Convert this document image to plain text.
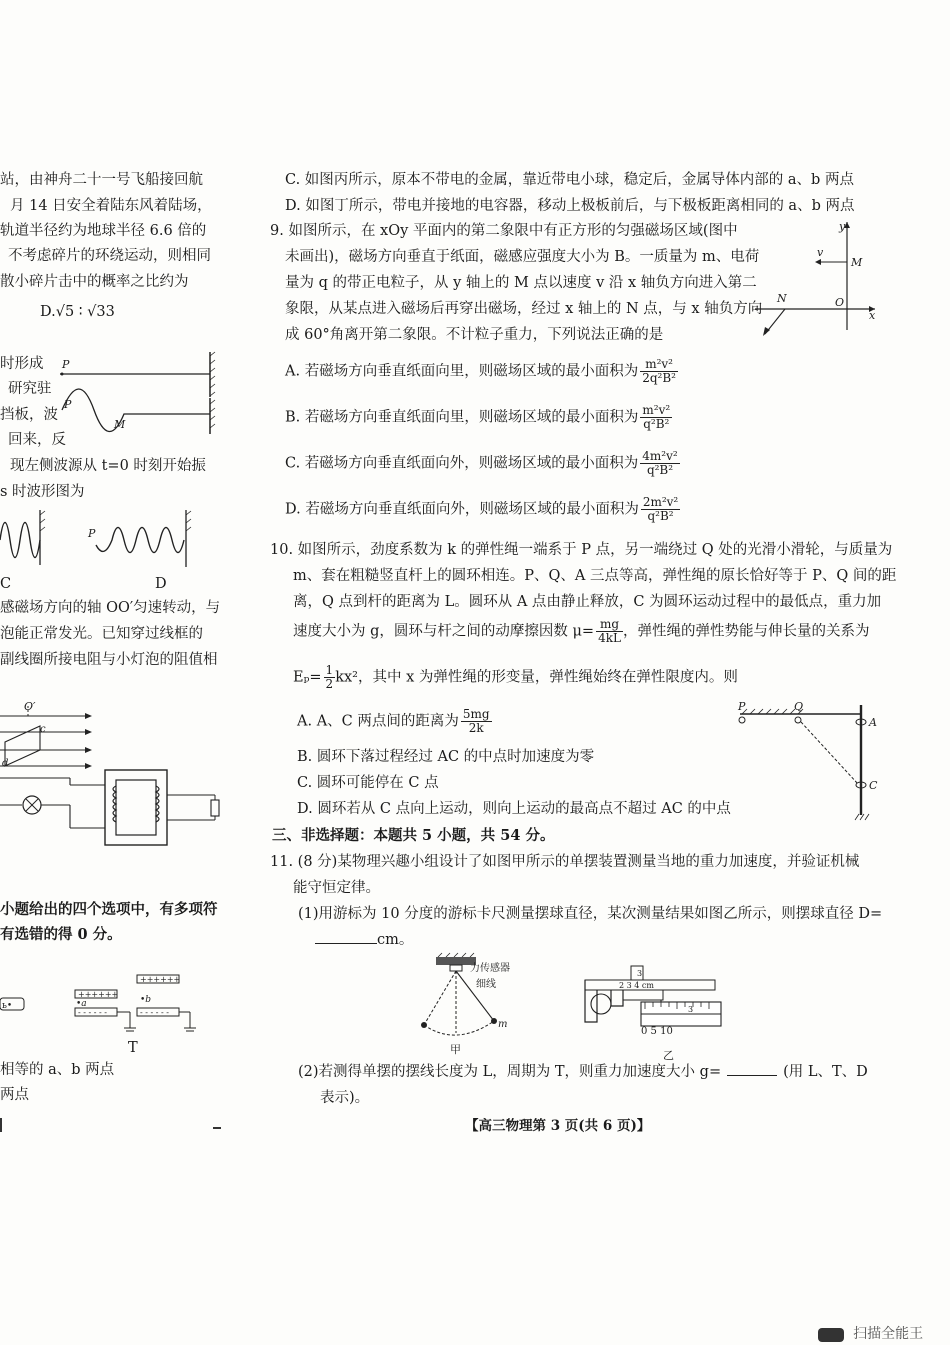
站，由神舟二十一号飞船接回航
月 14 日安全着陆东风着陆场，
轨道半径约为地球半径 6.6 倍的
不考虑碎片的环绕运动，则相同
散小碎片击中的概率之比约为
D.√5 ∶ √33
时形成
研究驻
挡板，波
回来，反
现左侧波源从 t=0 时刻开始振
s 时波形图为
C	D
感磁场方向的轴 OO′匀速转动，与
泡能正常发光。已知穿过线框的
副线圈所接电阻与小灯泡的阻值相
小题给出的四个选项中，有多项符
有选错的得 0 分。
T
相等的 a、b 两点
两点
P
P
M
P
O′
c
d
ь•
++++++
•a
- - - - - -
++++++
•b
- - - - - -
C. 如图丙所示，原本不带电的金属，靠近带电小球，稳定后，金属导体内部的 a、b 两点
D. 如图丁所示，带电并接地的电容器，移动上极板前后，与下极板距离相同的 a、b 两点
9. 如图所示，在 xOy 平面内的第二象限中有正方形的匀强磁场区域(图中
未画出)，磁场方向垂直于纸面，磁感应强度大小为 B。一质量为 m、电荷
量为 q 的带正电粒子，从 y 轴上的 M 点以速度 v 沿 x 轴负方向进入第二
象限，从某点进入磁场后再穿出磁场，经过 x 轴上的 N 点，与 x 轴负方向
成 60°角离开第二象限。不计粒子重力，下列说法正确的是
y
x
v
M
N	O
A. 若磁场方向垂直纸面向里，则磁场区域的最小面积为 $\frac{\text{m²v²}}{\text{2q²B²}}$
B. 若磁场方向垂直纸面向里，则磁场区域的最小面积为 $\frac{\text{m²v²}}{\text{q²B²}}$
C. 若磁场方向垂直纸面向外，则磁场区域的最小面积为 $\frac{\text{4m²v²}}{\text{q²B²}}$
D. 若磁场方向垂直纸面向外，则磁场区域的最小面积为 $\frac{\text{2m²v²}}{\text{q²B²}}$
10. 如图所示，劲度系数为 k 的弹性绳一端系于 P 点，另一端绕过 Q 处的光滑小滑轮，与质量为
m、套在粗糙竖直杆上的圆环相连。P、Q、A 三点等高，弹性绳的原长恰好等于 P、Q 间的距
离，Q 点到杆的距离为 L。圆环从 A 点由静止释放，C 为圆环运动过程中的最低点，重力加
速度大小为 g，圆环与杆之间的动摩擦因数 $\mu= \frac{mg}{4kL}$ ，弹性绳的弹性势能与伸长量的关系为
$E_p= \frac{1}{2} kx^2$，其中 x 为弹性绳的形变量，弹性绳始终在弹性限度内。则
A. A、C 两点间的距离为 $\frac{5mg}{2k}$
B. 圆环下落过程经过 AC 的中点时加速度为零
C. 圆环可能停在 C 点
D. 圆环若从 C 点向上运动，则向上运动的最高点不超过 AC 的中点
P	Q
A
C
三、非选择题：本题共 5 小题，共 54 分。
11. (8 分)某物理兴趣小组设计了如图甲所示的单摆装置测量当地的重力加速度，并验证机械
能守恒定律。
(1)用游标为 10 分度的游标卡尺测量摆球直径，某次测量结果如图乙所示，则摆球直径 D=
cm。
力传感器
细线
m
甲
2 3 4 cm
3
3
0 5 10
乙
(2)若测得单摆的摆线长度为 L，周期为 T，则重力加速度大小 g=	(用 L、T、D
表示)。
【高三物理第 3 页(共 6 页)】
扫描全能王
